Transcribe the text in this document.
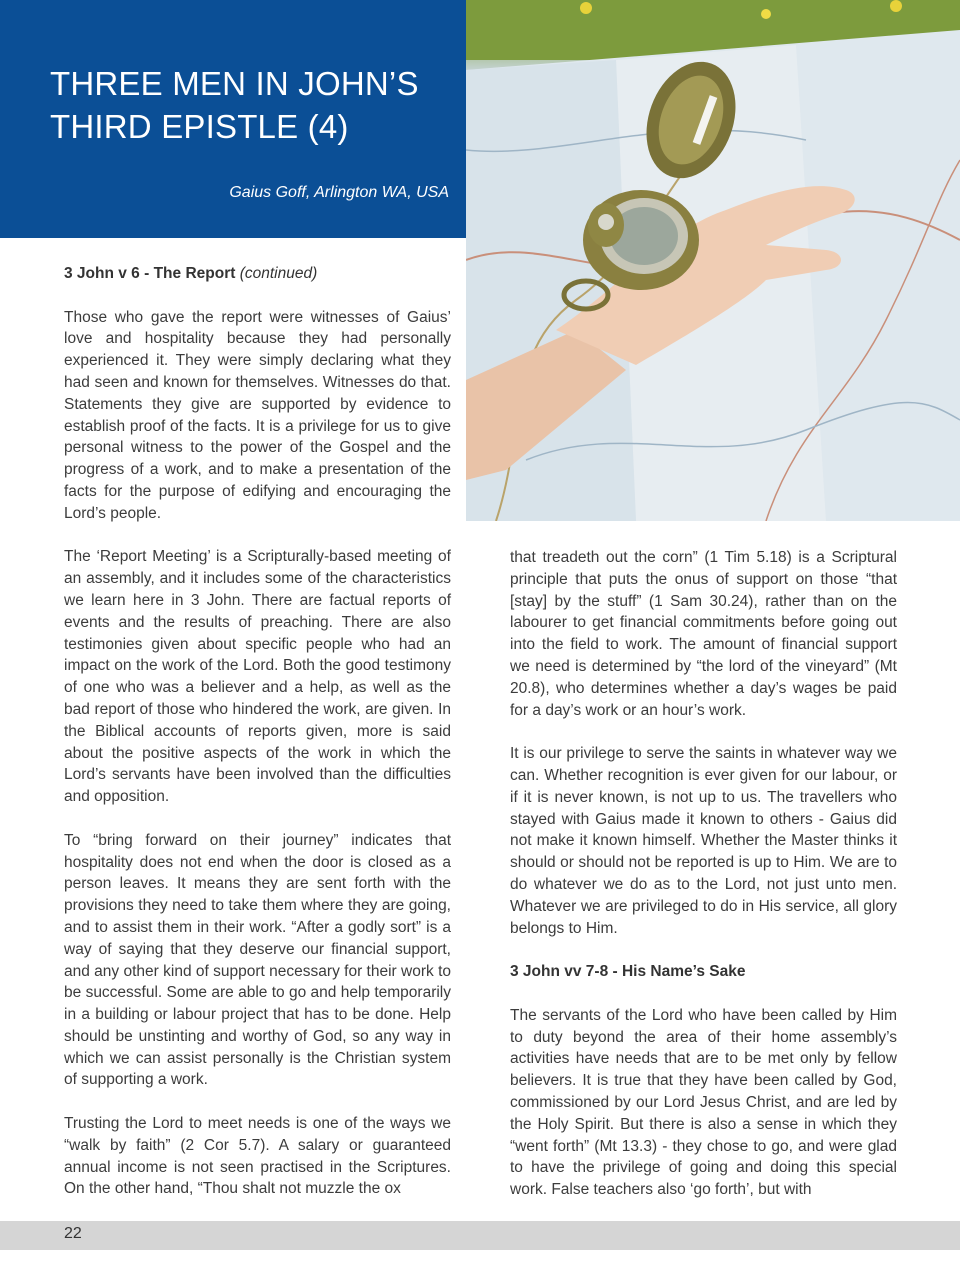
THREE MEN IN JOHN’S
THIRD EPISTLE (4)
Gaius Goff, Arlington WA, USA
3 John v 6 - The Report (continued)

Those who gave the report were witnesses of Gaius’ love and hospitality because they had personally experienced it. They were simply declaring what they had seen and known for themselves. Witnesses do that. Statements they give are supported by evidence to establish proof of the facts. It is a privilege for us to give personal witness to the power of the Gospel and the progress of a work, and to make a presentation of the facts for the purpose of edifying and encouraging the Lord’s people.

The ‘Report Meeting’ is a Scripturally-based meeting of an assembly, and it includes some of the characteristics we learn here in 3 John. There are factual reports of events and the results of preaching. There are also testimonies given about specific people who had an impact on the work of the Lord. Both the good testimony of one who was a believer and a help, as well as the bad report of those who hindered the work, are given. In the Biblical accounts of reports given, more is said about the positive aspects of the work in which the Lord’s servants have been involved than the difficulties and opposition.

To “bring forward on their journey” indicates that hospitality does not end when the door is closed as a person leaves. It means they are sent forth with the provisions they need to take them where they are going, and to assist them in their work. “After a godly sort” is a way of saying that they deserve our financial support, and any other kind of support necessary for their work to be successful. Some are able to go and help temporarily in a building or labour project that has to be done. Help should be unstinting and worthy of God, so any way in which we can assist personally is the Christian system of supporting a work.

Trusting the Lord to meet needs is one of the ways we “walk by faith” (2 Cor 5.7). A salary or guaranteed annual income is not seen practised in the Scriptures. On the other hand, “Thou shalt not muzzle the ox

that treadeth out the corn” (1 Tim 5.18) is a Scriptural principle that puts the onus of support on those “that [stay] by the stuff” (1 Sam 30.24), rather than on the labourer to get financial commitments before going out into the field to work. The amount of financial support we need is determined by “the lord of the vineyard” (Mt 20.8), who determines whether a day’s wages be paid for a day’s work or an hour’s work.

It is our privilege to serve the saints in whatever way we can. Whether recognition is ever given for our labour, or if it is never known, is not up to us. The travellers who stayed with Gaius made it known to others - Gaius did not make it known himself. Whether the Master thinks it should or should not be reported is up to Him. We are to do whatever we do as to the Lord, not just unto men. Whatever we are privileged to do in His service, all glory belongs to Him.

3 John vv 7-8 - His Name’s Sake

The servants of the Lord who have been called by Him to duty beyond the area of their home assembly’s activities have needs that are to be met only by fellow believers. It is true that they have been called by God, commissioned by our Lord Jesus Christ, and are led by the Holy Spirit. But there is also a sense in which they “went forth” (Mt 13.3) - they chose to go, and were glad to have the privilege of going and doing this special work. False teachers also ‘go forth’, but with

22
